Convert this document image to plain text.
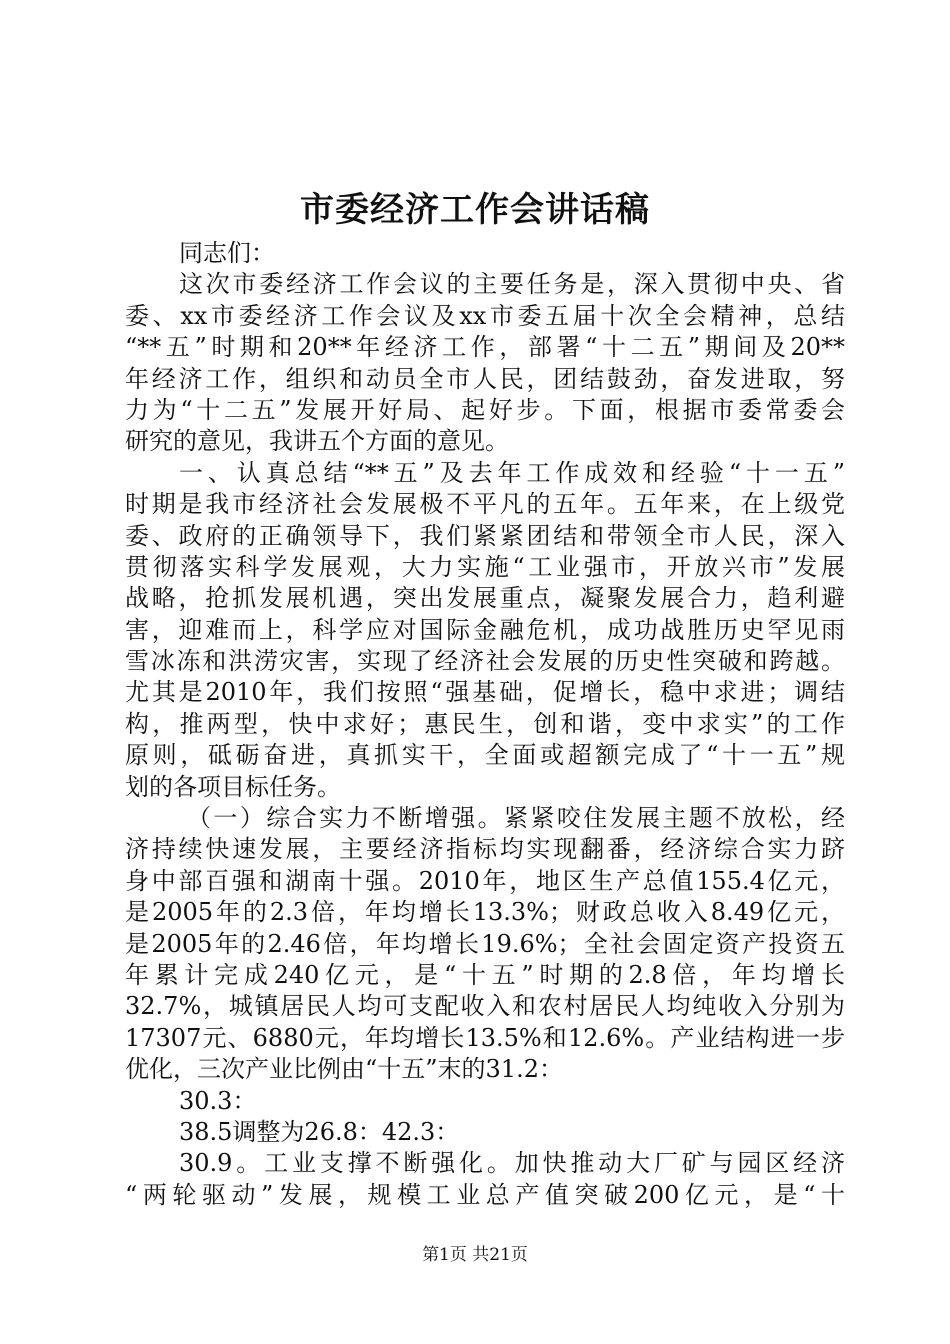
市委经济工作会讲话稿
同志们：
这次市委经济工作会议的主要任务是，深入贯彻中央、省
委、xx市委经济工作会议及xx市委五届十次全会精神，总结
“**五”时期和20**年经济工作，部署“十二五”期间及20**
年经济工作，组织和动员全市人民，团结鼓劲，奋发进取，努
力为“十二五”发展开好局、起好步。下面，根据市委常委会
研究的意见，我讲五个方面的意见。
一、认真总结“**五”及去年工作成效和经验“十一五”
时期是我市经济社会发展极不平凡的五年。五年来，在上级党
委、政府的正确领导下，我们紧紧团结和带领全市人民，深入
贯彻落实科学发展观，大力实施“工业强市，开放兴市”发展
战略，抢抓发展机遇，突出发展重点，凝聚发展合力，趋利避
害，迎难而上，科学应对国际金融危机，成功战胜历史罕见雨
雪冰冻和洪涝灾害，实现了经济社会发展的历史性突破和跨越。
尤其是2010年，我们按照“强基础，促增长，稳中求进；调结
构，推两型，快中求好；惠民生，创和谐，变中求实”的工作
原则，砥砺奋进，真抓实干，全面或超额完成了“十一五”规
划的各项目标任务。
（一）综合实力不断增强。紧紧咬住发展主题不放松，经
济持续快速发展，主要经济指标均实现翻番，经济综合实力跻
身中部百强和湖南十强。2010年，地区生产总值155.4亿元，
是2005年的2.3倍，年均增长13.3%；财政总收入8.49亿元，
是2005年的2.46倍，年均增长19.6%；全社会固定资产投资五
年累计完成240亿元，是“十五”时期的2.8倍，年均增长
32.7%，城镇居民人均可支配收入和农村居民人均纯收入分别为
17307元、6880元，年均增长13.5%和12.6%。产业结构进一步
优化，三次产业比例由“十五”末的31.2：
30.3：
38.5调整为26.8：42.3：
30.9。工业支撑不断强化。加快推动大厂矿与园区经济
“两轮驱动”发展，规模工业总产值突破200亿元，是“十
第1页 共21页
